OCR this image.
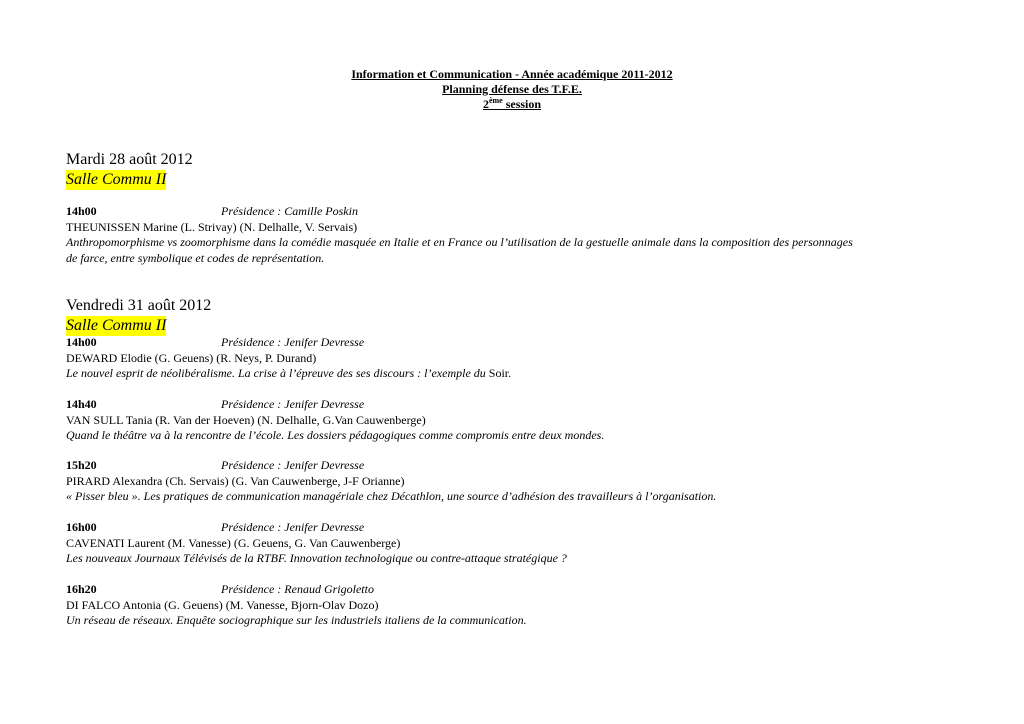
Information et Communication - Année académique 2011-2012
Planning défense des T.F.E.
2ème session
Mardi 28 août 2012
Salle Commu II
14h00	Présidence : Camille Poskin
THEUNISSEN Marine (L. Strivay) (N. Delhalle, V. Servais)
Anthropomorphisme vs zoomorphisme dans la comédie masquée en Italie et en France ou l’utilisation de la gestuelle animale dans la composition des personnages
de farce, entre symbolique et codes de représentation.
Vendredi 31 août 2012
Salle Commu II
14h00	Présidence : Jenifer Devresse
DEWARD Elodie (G. Geuens) (R. Neys, P. Durand)
Le nouvel esprit de néolibéralisme. La crise à l’épreuve des ses discours : l’exemple du Soir.
14h40	Présidence : Jenifer Devresse
VAN SULL Tania (R. Van der Hoeven) (N. Delhalle, G.Van Cauwenberge)
Quand le théâtre va à la rencontre de l’école. Les dossiers pédagogiques comme compromis entre deux mondes.
15h20	Présidence : Jenifer Devresse
PIRARD Alexandra (Ch. Servais) (G. Van Cauwenberge, J-F Orianne)
« Pisser bleu ». Les pratiques de communication managériale chez Décathlon, une source d’adhésion des travailleurs à l’organisation.
16h00	Présidence : Jenifer Devresse
CAVENATI Laurent (M. Vanesse) (G. Geuens, G. Van Cauwenberge)
Les nouveaux Journaux Télévisés de la RTBF. Innovation technologique ou contre-attaque stratégique ?
16h20	Présidence : Renaud Grigoletto
DI FALCO Antonia (G. Geuens) (M. Vanesse, Bjorn-Olav Dozo)
Un réseau de réseaux. Enquête sociographique sur les industriels italiens de la communication.
